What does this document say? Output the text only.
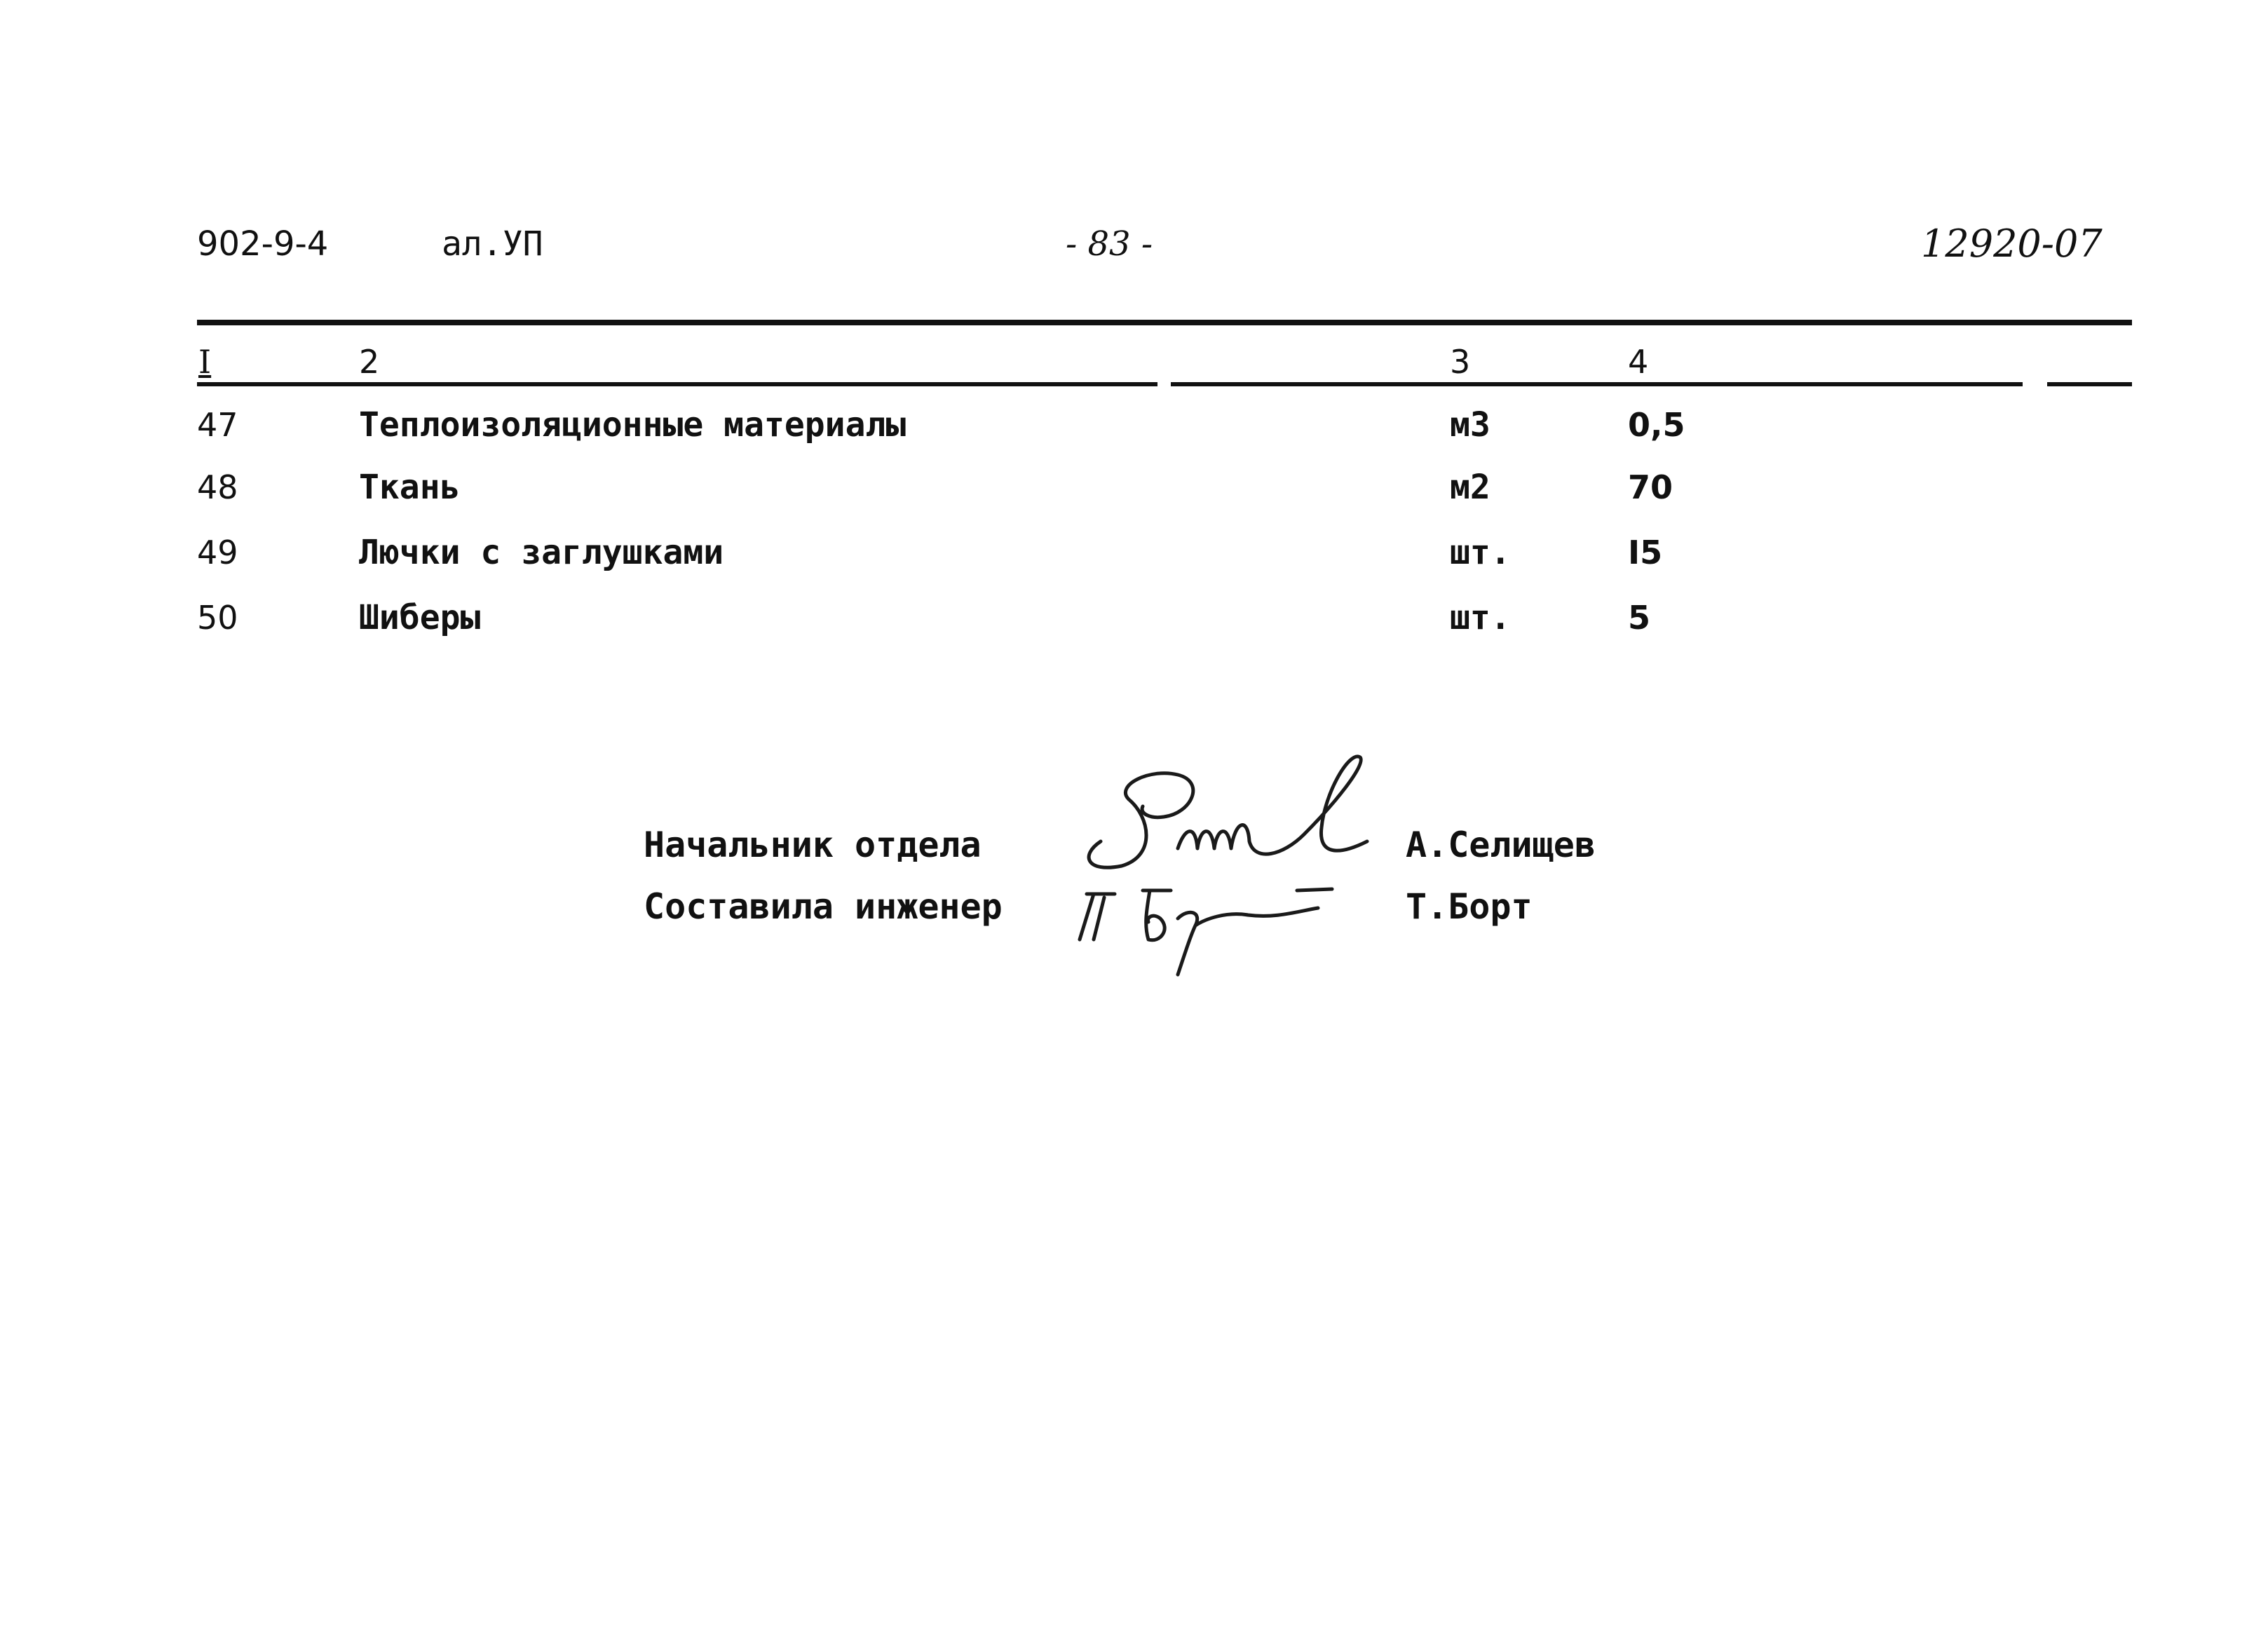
902-9-4	ал.УП	- 83 -	12920-07
I	2	3	4
47	Теплоизоляционные материалы	м3	0,5
48	Ткань	м2	70
49	Лючки с заглушками	шт.	I5
50	Шиберы	шт.	5
Начальник отдела
Составила инженер
А.Селищев
Т.Борт
